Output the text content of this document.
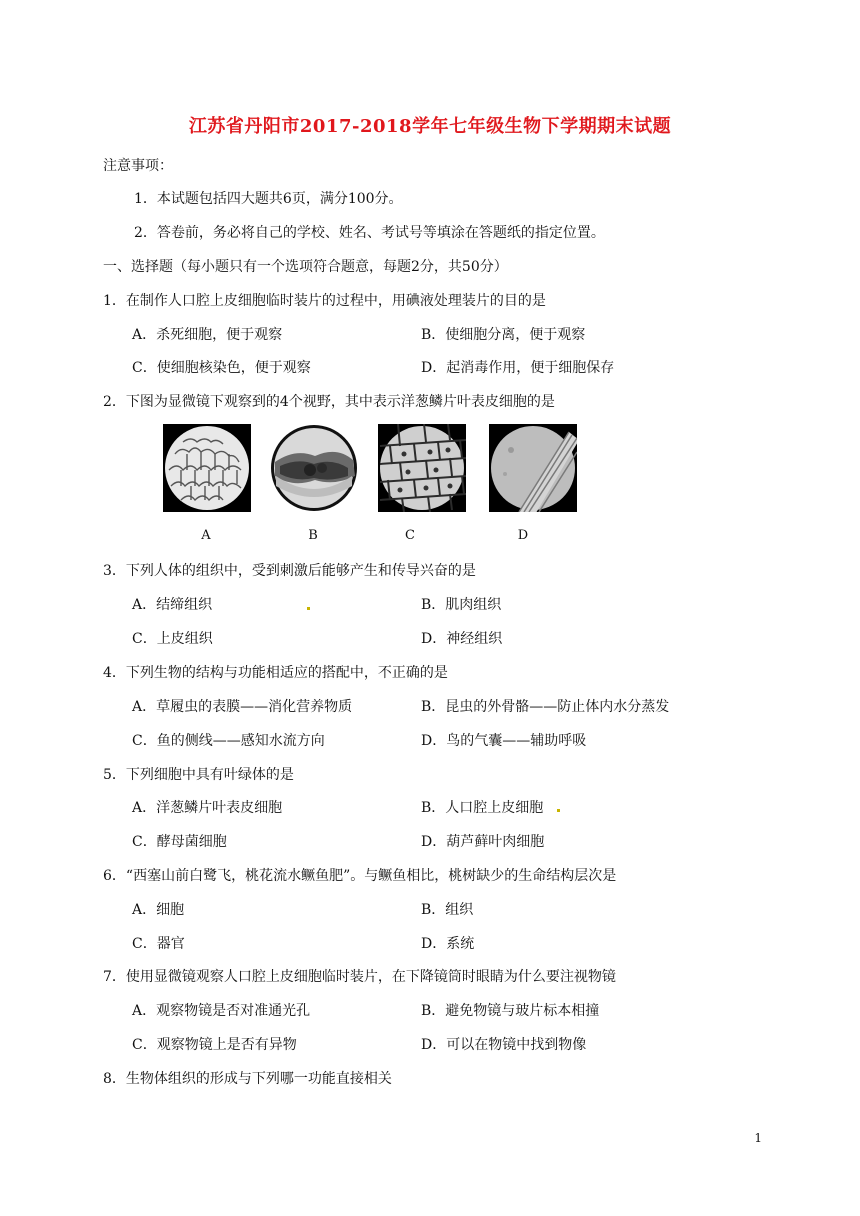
江苏省丹阳市2017-2018学年七年级生物下学期期末试题
注意事项：
1．本试题包括四大题共6页，满分100分。
2．答卷前，务必将自己的学校、姓名、考试号等填涂在答题纸的指定位置。
一、选择题（每小题只有一个选项符合题意，每题2分，共50分）
1．在制作人口腔上皮细胞临时装片的过程中，用碘液处理装片的目的是
A．杀死细胞，便于观察	B．使细胞分离，便于观察
C．使细胞核染色，便于观察	D．起消毒作用，便于细胞保存
2．下图为显微镜下观察到的4个视野，其中表示洋葱鳞片叶表皮细胞的是
A	B	C	D
3．下列人体的组织中，受到刺激后能够产生和传导兴奋的是
A．结缔组织	B．肌肉组织
C．上皮组织	D．神经组织
4．下列生物的结构与功能相适应的搭配中，不正确的是
A．草履虫的表膜——消化营养物质	B．昆虫的外骨骼——防止体内水分蒸发
C．鱼的侧线——感知水流方向	D．鸟的气囊——辅助呼吸
5．下列细胞中具有叶绿体的是
A．洋葱鳞片叶表皮细胞	B．人口腔上皮细胞
C．酵母菌细胞	D．葫芦藓叶肉细胞
6．“西塞山前白鹭飞，桃花流水鳜鱼肥”。与鳜鱼相比，桃树缺少的生命结构层次是
A．细胞	B．组织
C．器官	D．系统
7．使用显微镜观察人口腔上皮细胞临时装片，在下降镜筒时眼睛为什么要注视物镜
A．观察物镜是否对准通光孔	B．避免物镜与玻片标本相撞
C．观察物镜上是否有异物	D．可以在物镜中找到物像
8．生物体组织的形成与下列哪一功能直接相关
1
